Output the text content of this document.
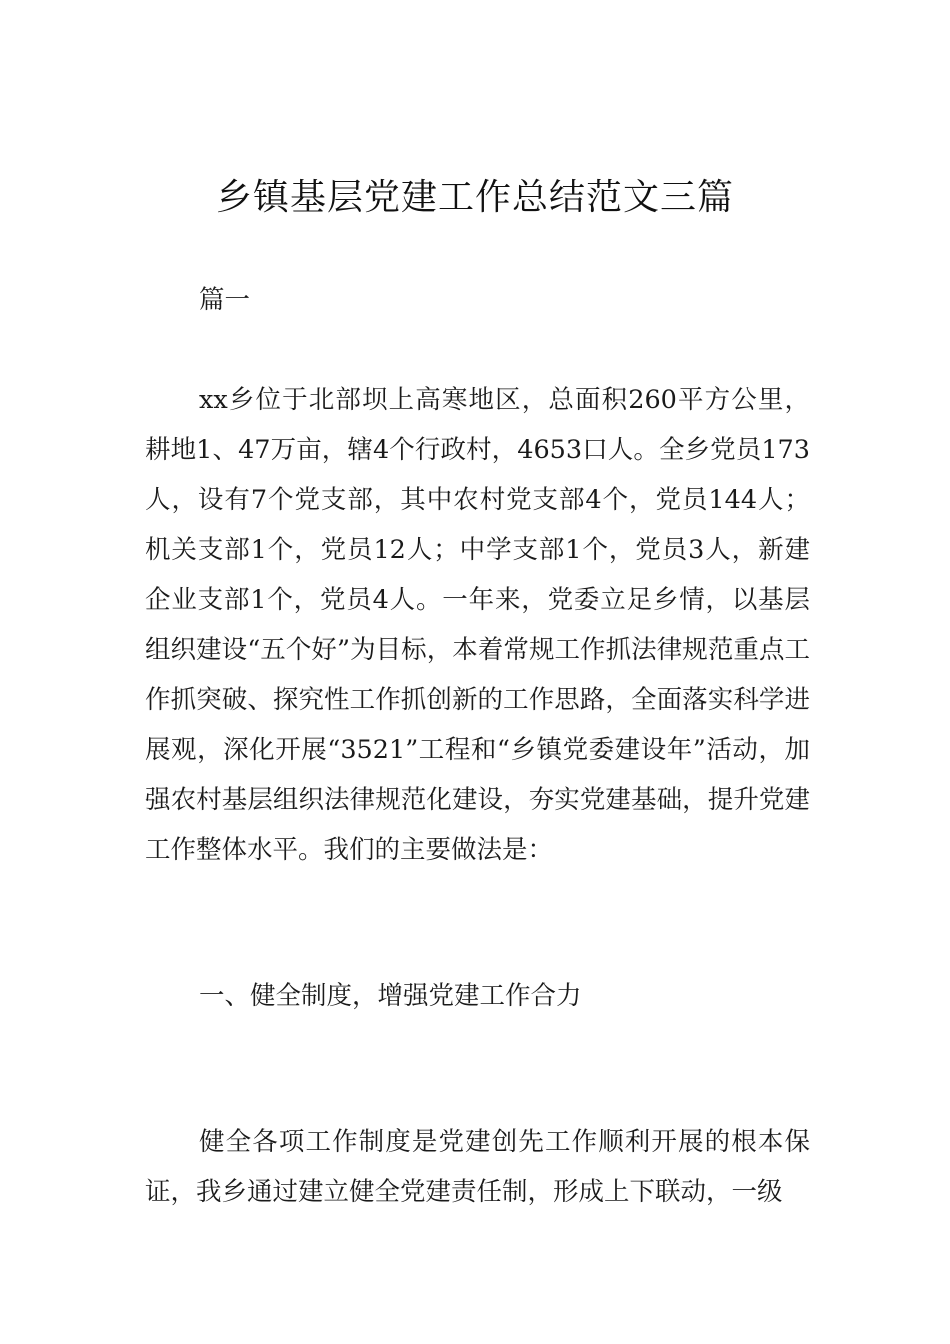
乡镇基层党建工作总结范文三篇
篇一
xx乡位于北部坝上高寒地区，总面积260平方公里，耕地1、47万亩，辖4个行政村，4653口人。全乡党员173人，设有7个党支部，其中农村党支部4个，党员144人；机关支部1个，党员12人；中学支部1个，党员3人，新建企业支部1个，党员4人。一年来，党委立足乡情，以基层组织建设“五个好”为目标，本着常规工作抓法律规范重点工作抓突破、探究性工作抓创新的工作思路，全面落实科学进展观，深化开展“3521”工程和“乡镇党委建设年”活动，加强农村基层组织法律规范化建设，夯实党建基础，提升党建工作整体水平。我们的主要做法是：
一、健全制度，增强党建工作合力
健全各项工作制度是党建创先工作顺利开展的根本保证，我乡通过建立健全党建责任制，形成上下联动，一级
